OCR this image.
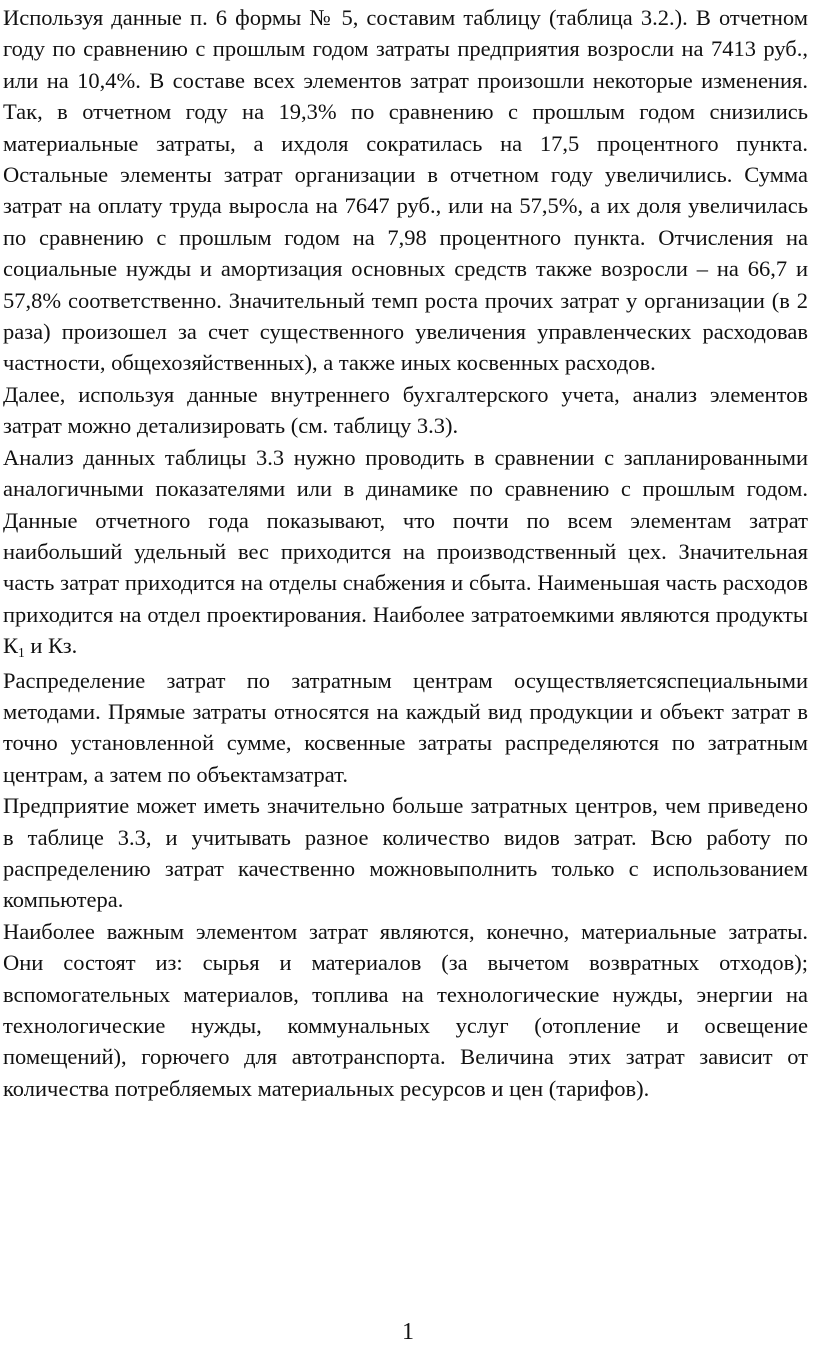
Используя данные п. 6 формы № 5, составим таблицу (таблица 3.2.). В отчетном году по сравнению с прошлым годом затраты предприятия возросли на 7413 руб., или на 10,4%. В составе всех элементов затрат произошли некоторые изменения. Так, в отчетном году на 19,3% по сравнению с прошлым годом снизились материальные затраты, а ихдоля сократилась на 17,5 процентного пункта. Остальные элементы затрат организации в отчетном году увеличились. Сумма затрат на оплату труда выросла на 7647 руб., или на 57,5%, а их доля увеличилась по сравнению с прошлым годом на 7,98 процентного пункта. Отчисления на социальные нужды и амортизация основных средств также возросли – на 66,7 и 57,8% соответственно. Значительный темп роста прочих затрат у организации (в 2 раза) произошел за счет существенного увеличения управленческих расходовав частности, общехозяйственных), а также иных косвенных расходов.

Далее, используя данные внутреннего бухгалтерского учета, анализ элементов затрат можно детализировать (см. таблицу 3.3).

Анализ данных таблицы 3.3 нужно проводить в сравнении с запланированными аналогичными показателями или в динамике по сравнению с прошлым годом. Данные отчетного года показывают, что почти по всем элементам затрат наибольший удельный вес приходится на производственный цех. Значительная часть затрат приходится на отделы снабжения и сбыта. Наименьшая часть расходов приходится на отдел проектирования. Наиболее затратоемкими являются продукты $К_1$ и Кз.

Распределение затрат по затратным центрам осуществляетсяспециальными методами. Прямые затраты относятся на каждый вид продукции и объект затрат в точно установленной сумме, косвенные затраты распределяются по затратным центрам, а затем по объектамзатрат.

Предприятие может иметь значительно больше затратных центров, чем приведено в таблице 3.3, и учитывать разное количество видов затрат. Всю работу по распределению затрат качественно можновыполнить только с использованием компьютера.

Наиболее важным элементом затрат являются, конечно, материальные затраты. Они состоят из: сырья и материалов (за вычетом возвратных отходов); вспомогательных материалов, топлива на технологические нужды, энергии на технологические нужды, коммунальных услуг (отопление и освещение помещений), горючего для автотранспорта. Величина этих затрат зависит от количества потребляемых материальных ресурсов и цен (тарифов).

1
